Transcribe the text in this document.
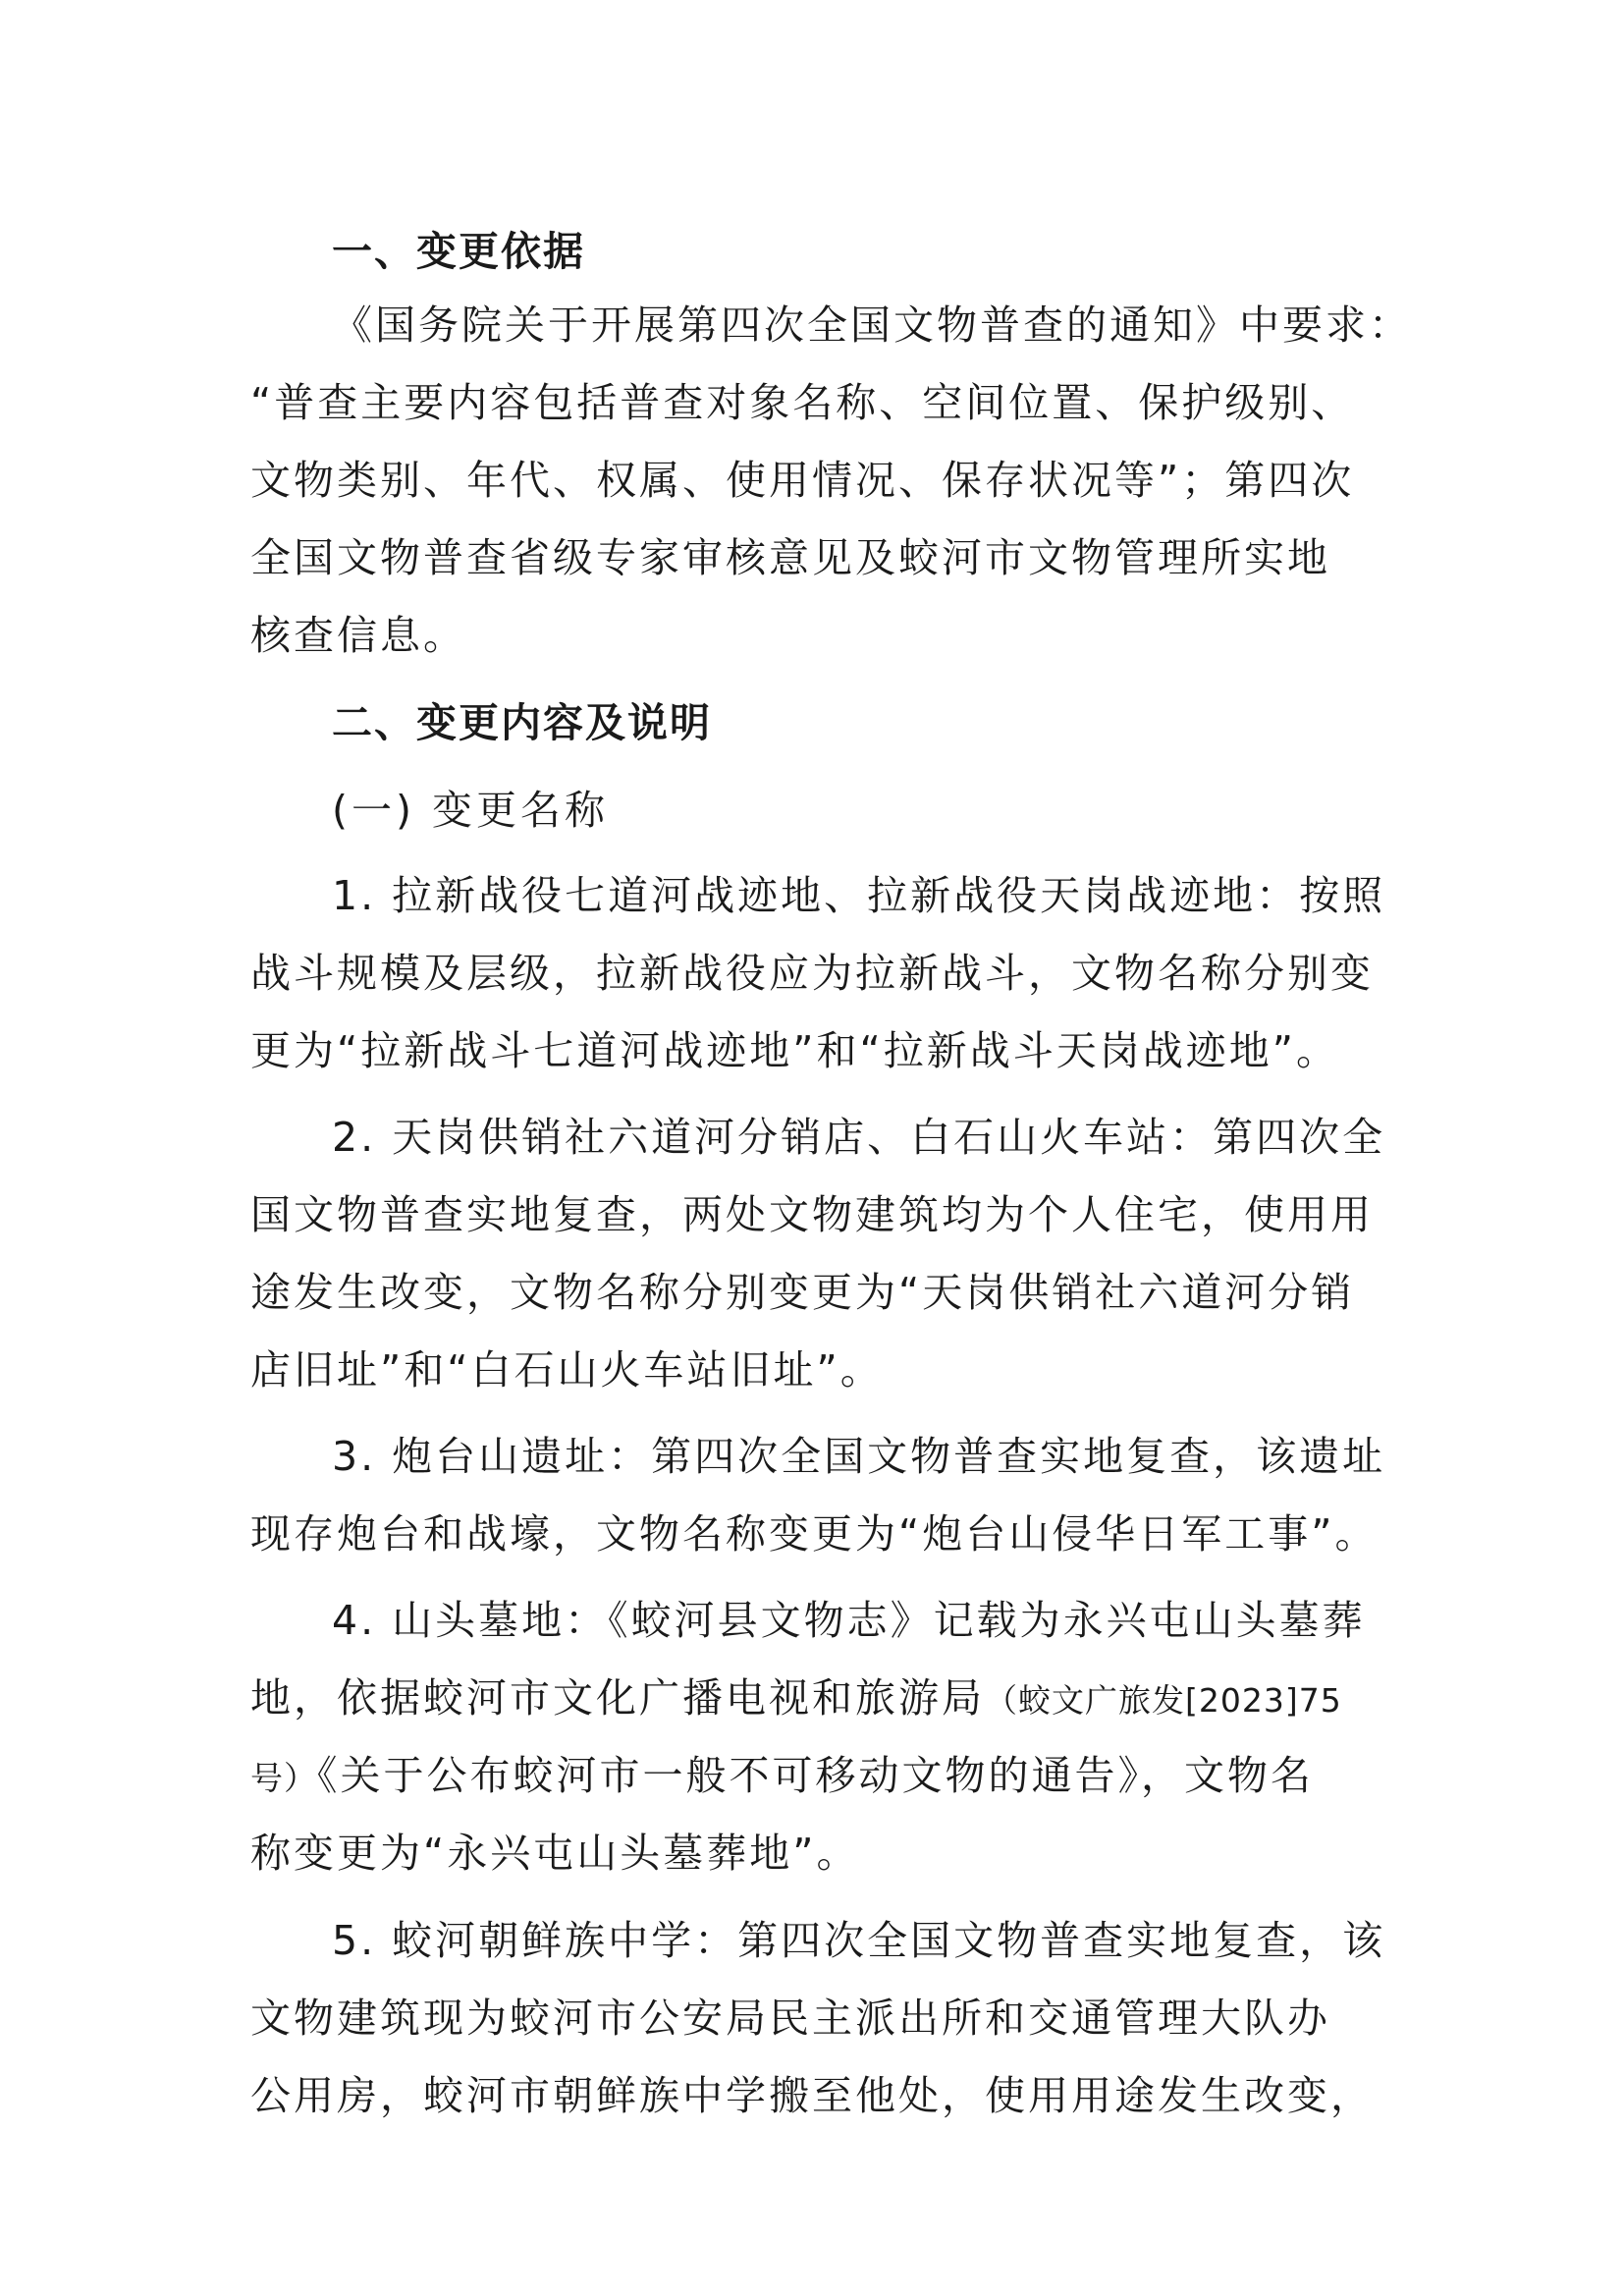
一、变更依据

《国务院关于开展第四次全国文物普查的通知》中要求：

“普查主要内容包括普查对象名称、空间位置、保护级别、

文物类别、年代、权属、使用情况、保存状况等”；第四次

全国文物普查省级专家审核意见及蛟河市文物管理所实地

核查信息。

二、变更内容及说明

(一) 变更名称

1. 拉新战役七道河战迹地、拉新战役天岗战迹地：按照

战斗规模及层级，拉新战役应为拉新战斗，文物名称分别变

更为“拉新战斗七道河战迹地”和“拉新战斗天岗战迹地”。

2. 天岗供销社六道河分销店、白石山火车站：第四次全

国文物普查实地复查，两处文物建筑均为个人住宅，使用用

途发生改变，文物名称分别变更为“天岗供销社六道河分销

店旧址”和“白石山火车站旧址”。

3. 炮台山遗址：第四次全国文物普查实地复查，该遗址

现存炮台和战壕，文物名称变更为“炮台山侵华日军工事”。

4. 山头墓地：《蛟河县文物志》记载为永兴屯山头墓葬

地，依据蛟河市文化广播电视和旅游局（蛟文广旅发[2023]75

号）《关于公布蛟河市一般不可移动文物的通告》，文物名

称变更为“永兴屯山头墓葬地”。

5. 蛟河朝鲜族中学：第四次全国文物普查实地复查，该

文物建筑现为蛟河市公安局民主派出所和交通管理大队办

公用房，蛟河市朝鲜族中学搬至他处，使用用途发生改变，
